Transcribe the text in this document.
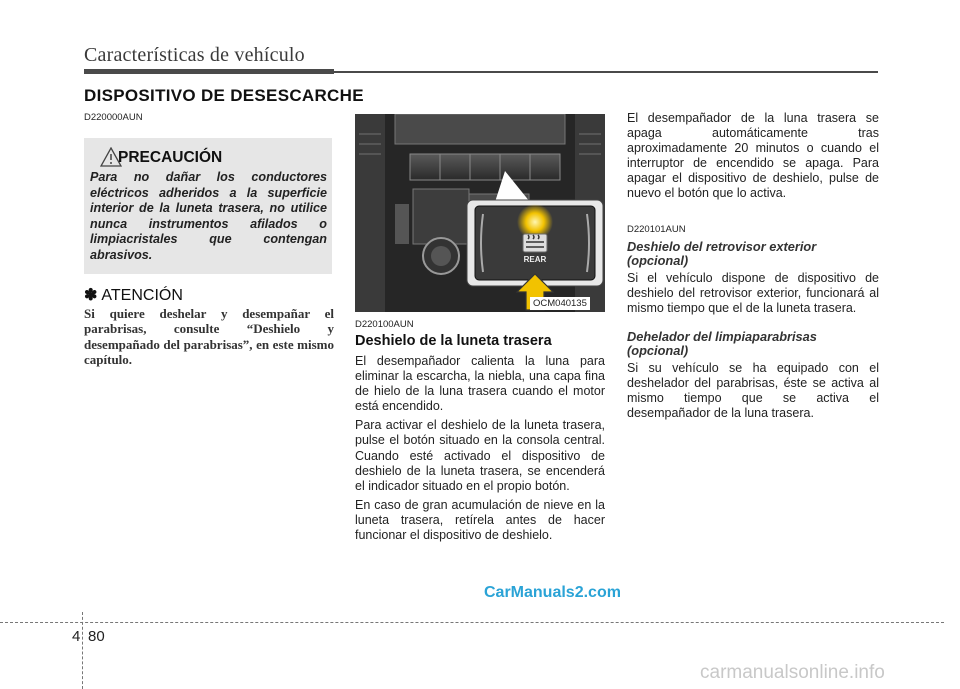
Características de vehículo
DISPOSITIVO DE DESESCARCHE
D220000AUN
PRECAUCIÓN
Para no dañar los conductores eléctricos adheridos a la superficie interior de la luneta trasera, no utilice nunca instrumentos afilados o limpiacristales que contengan abrasivos.
✽ ATENCIÓN
Si quiere deshelar y desempañar el parabrisas, consulte “Deshielo y desempañado del parabrisas”, en este mismo capítulo.
REAR
OCM040135
D220100AUN
Deshielo de la luneta trasera

El desempañador calienta la luna para eliminar la escarcha, la niebla, una capa fina de hielo de la luna trasera cuando el motor está encendido.

Para activar el deshielo de la luneta trasera, pulse el botón situado en la consola central. Cuando esté activado el dispositivo de deshielo de la luneta trasera, se encenderá el indicador situado en el propio botón.

En caso de gran acumulación de nieve en la luneta trasera, retírela antes de hacer funcionar el dispositivo de deshielo.

El desempañador de la luna trasera se apaga automáticamente tras aproximadamente 20 minutos o cuando el interruptor de encendido se apaga. Para apagar el dispositivo de deshielo, pulse de nuevo el botón que lo activa.

D220101AUN
Deshielo del retrovisor exterior
(opcional)

Si el vehículo dispone de dispositivo de deshielo del retrovisor exterior, funcionará al mismo tiempo que el de la luneta trasera.

Dehelador del limpiaparabrisas
(opcional)

Si su vehículo se ha equipado con el deshelador del parabrisas, éste se activa al mismo tiempo que se activa el desempañador de la luna trasera.

CarManuals2.com
4 80
carmanualsonline.info
